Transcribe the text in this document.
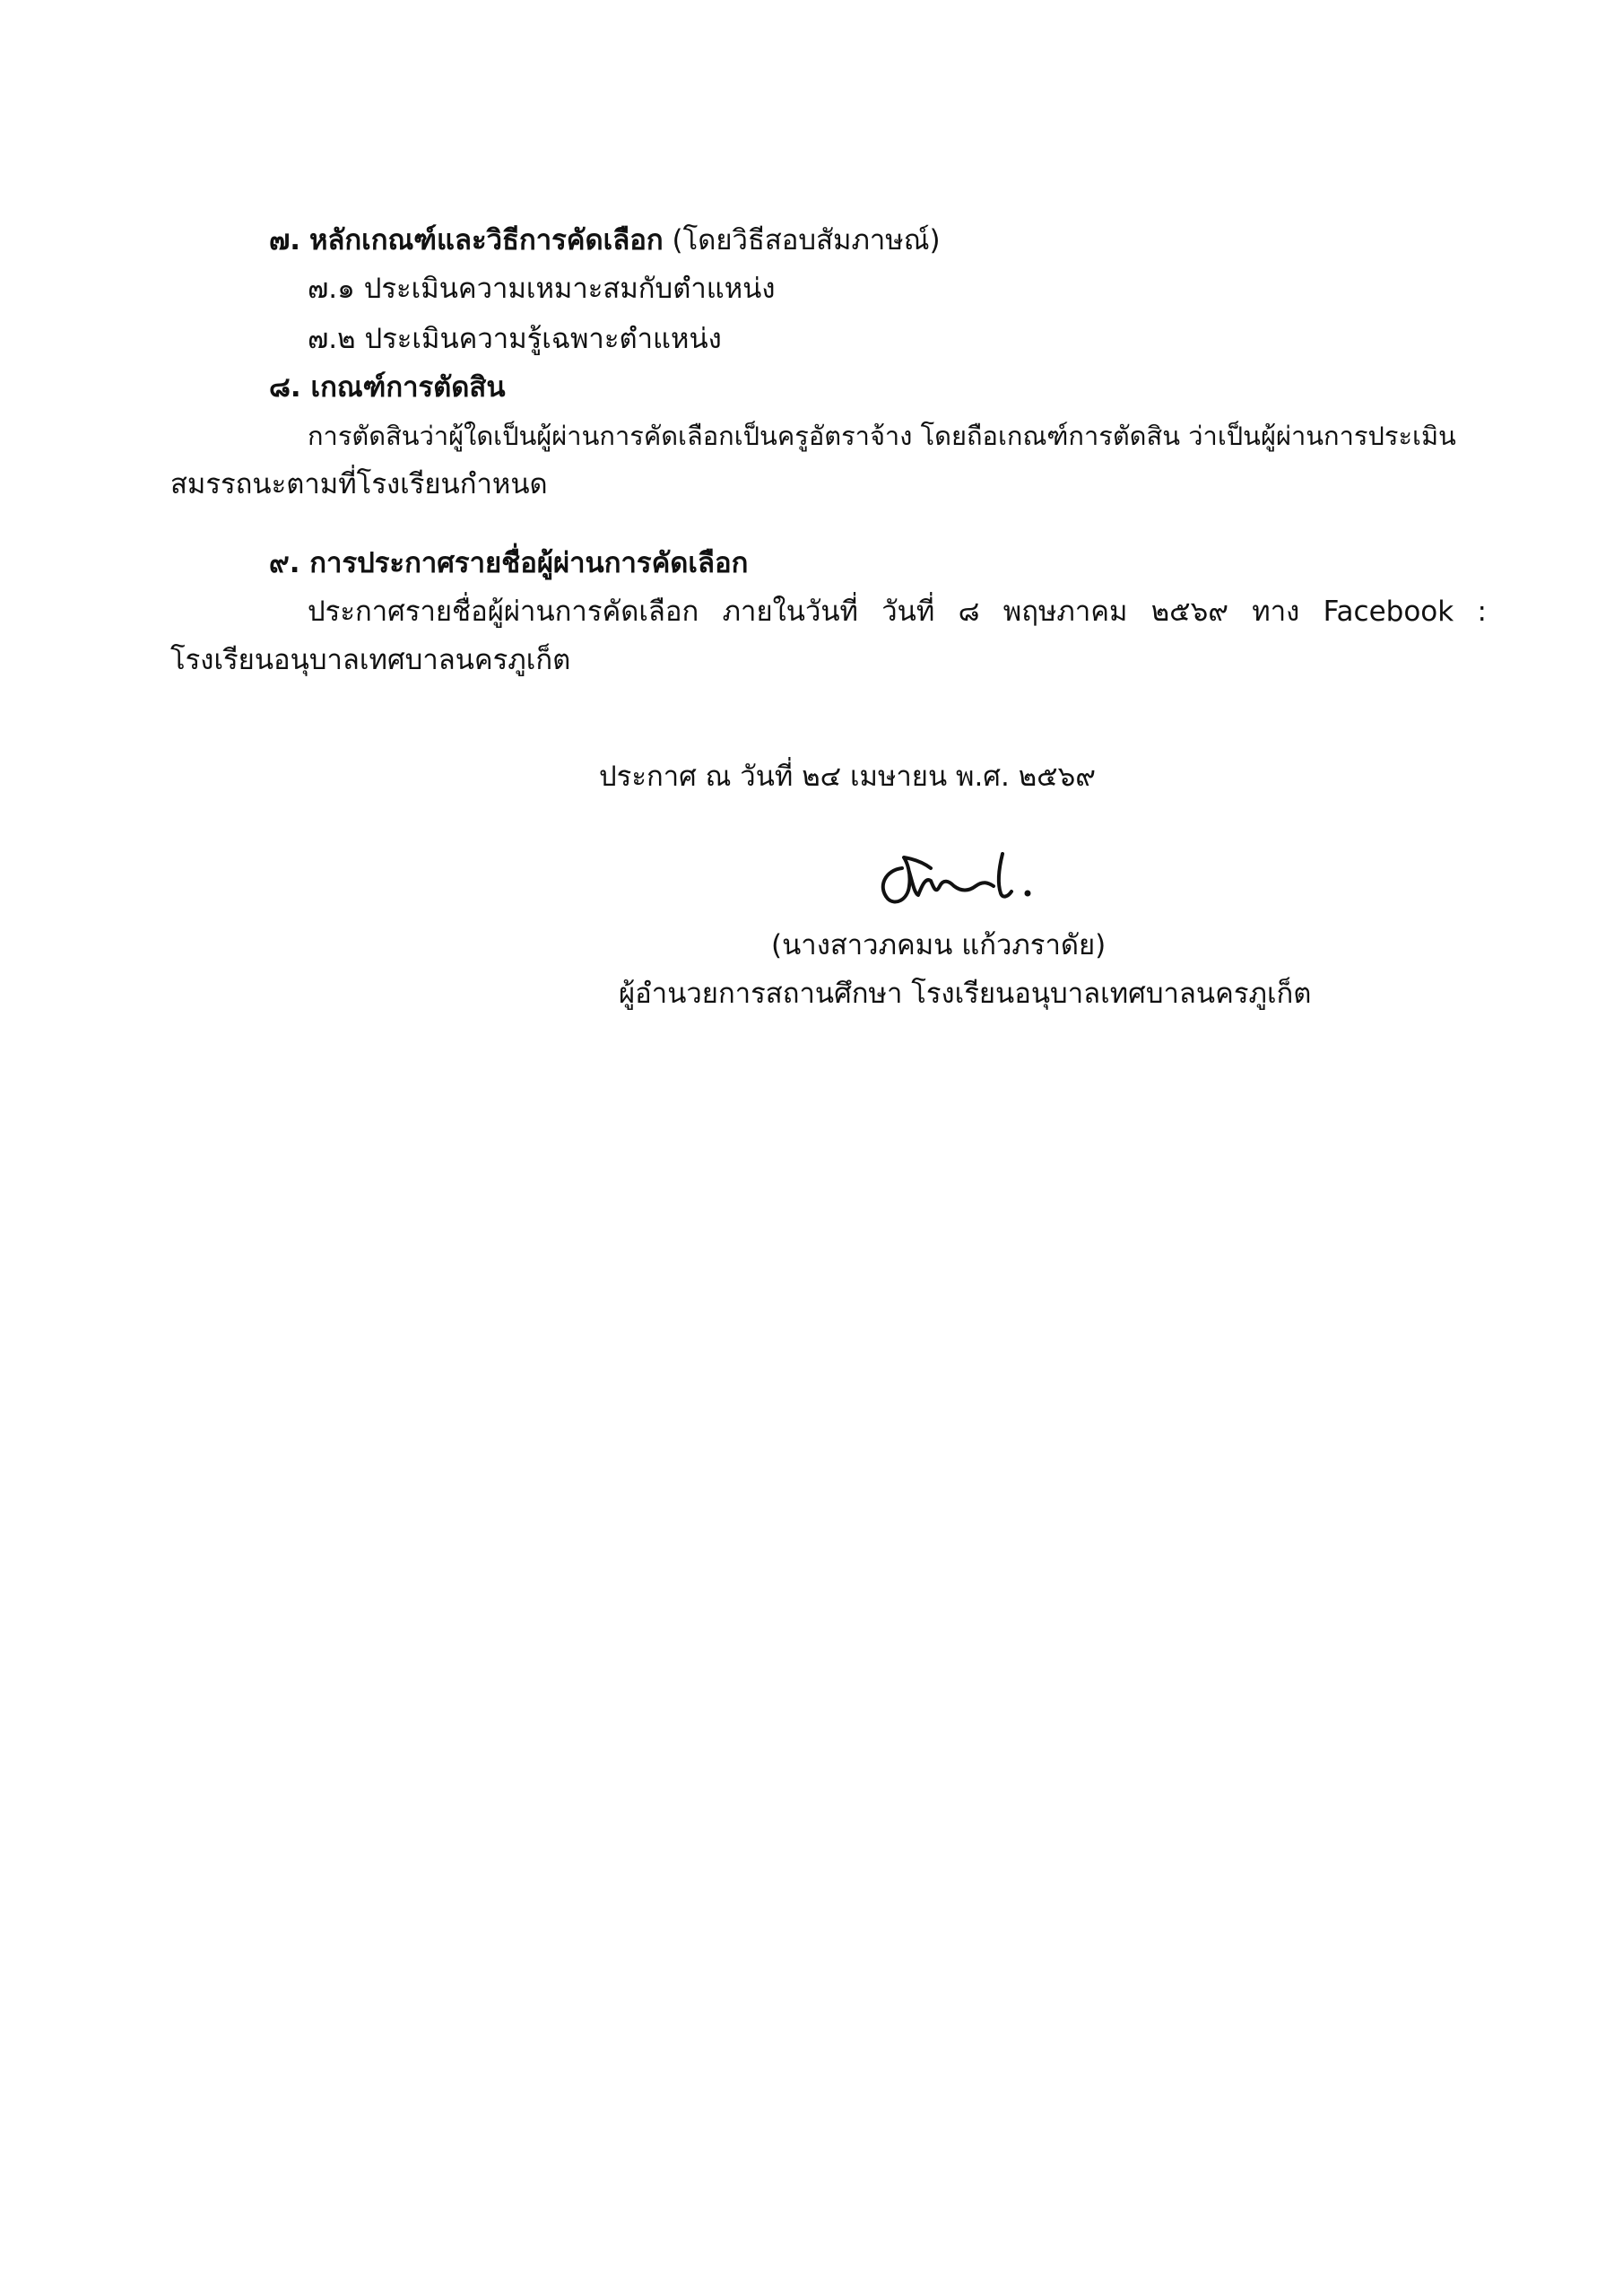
๗. หลักเกณฑ์และวิธีการคัดเลือก (โดยวิธีสอบสัมภาษณ์)
๗.๑ ประเมินความเหมาะสมกับตำแหน่ง
๗.๒ ประเมินความรู้เฉพาะตำแหน่ง
๘. เกณฑ์การตัดสิน
การตัดสินว่าผู้ใดเป็นผู้ผ่านการคัดเลือกเป็นครูอัตราจ้าง โดยถือเกณฑ์การตัดสิน ว่าเป็นผู้ผ่านการประเมิน
สมรรถนะตามที่โรงเรียนกำหนด
๙. การประกาศรายชื่อผู้ผ่านการคัดเลือก
ประกาศรายชื่อผู้ผ่านการคัดเลือก ภายในวันที่ วันที่ ๘ พฤษภาคม ๒๕๖๙ ทาง Facebook :
โรงเรียนอนุบาลเทศบาลนครภูเก็ต
ประกาศ ณ วันที่ ๒๔ เมษายน พ.ศ. ๒๕๖๙
(นางสาวภคมน แก้วภราดัย)
ผู้อำนวยการสถานศึกษา โรงเรียนอนุบาลเทศบาลนครภูเก็ต
